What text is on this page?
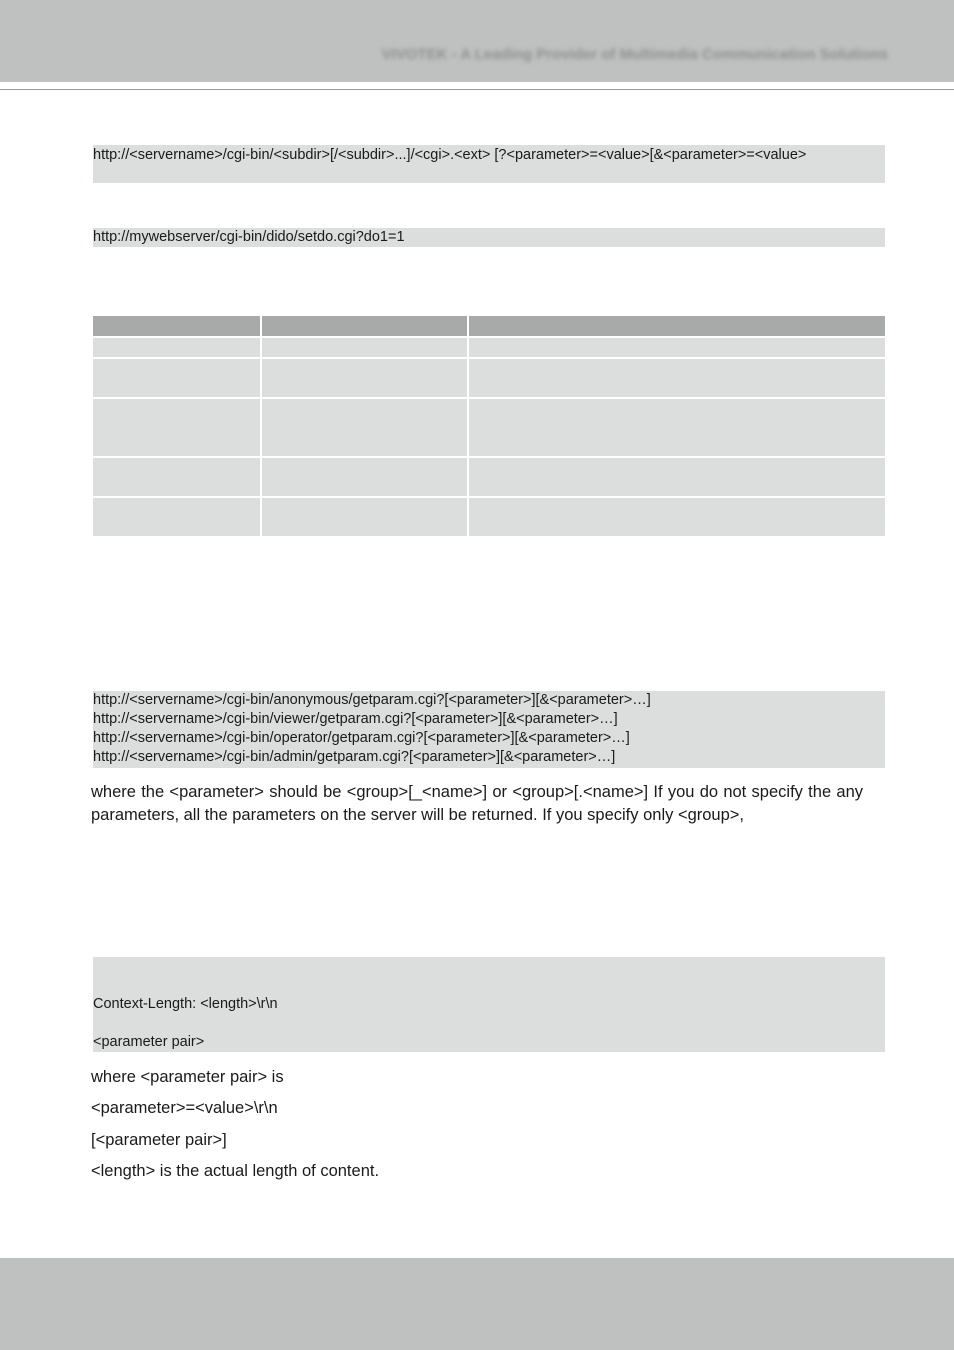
VIVOTEK - A Leading Provider of Multimedia Communication Solutions
http://<servername>/cgi-bin/<subdir>[/<subdir>...]/<cgi>.<ext> [?<parameter>=<value>[&<parameter>=<value>
http://mywebserver/cgi-bin/dido/setdo.cgi?do1=1

http://<servername>/cgi-bin/anonymous/getparam.cgi?[<parameter>][&<parameter>…]
http://<servername>/cgi-bin/viewer/getparam.cgi?[<parameter>][&<parameter>…]
http://<servername>/cgi-bin/operator/getparam.cgi?[<parameter>][&<parameter>…]
http://<servername>/cgi-bin/admin/getparam.cgi?[<parameter>][&<parameter>…]
where the <parameter> should be <group>[_<name>] or <group>[.<name>] If you do not specify the any parameters, all the parameters on the server will be returned. If you specify only <group>,
Context-Length: <length>\r\n
<parameter pair>
where <parameter pair> is
<parameter>=<value>\r\n
[<parameter pair>]
<length> is the actual length of content.
